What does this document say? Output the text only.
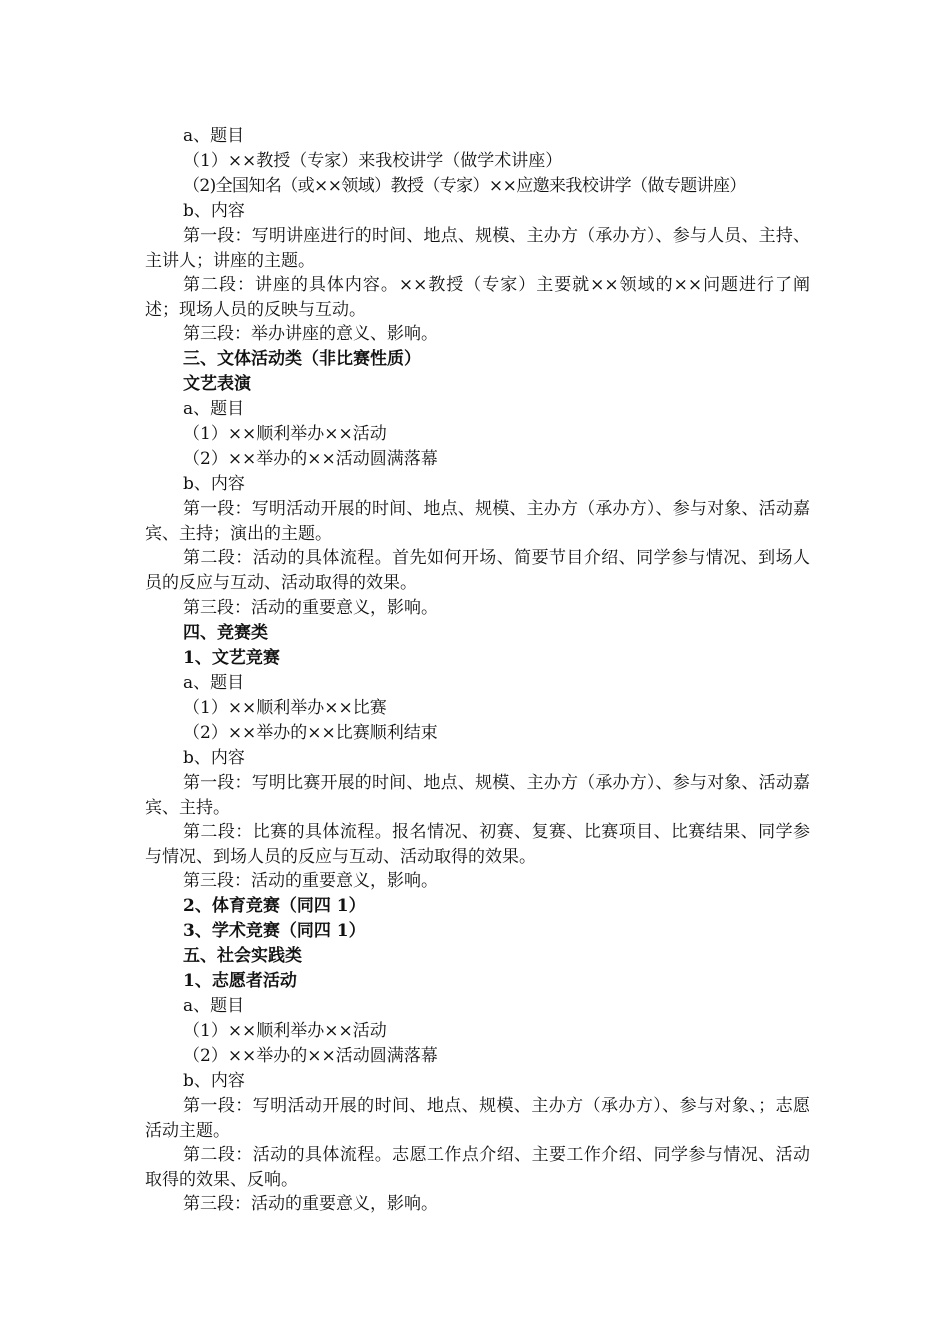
a、题目
（1）××教授（专家）来我校讲学（做学术讲座）
（2)全国知名（或××领域）教授（专家）××应邀来我校讲学（做专题讲座）
b、内容
第一段：写明讲座进行的时间、地点、规模、主办方（承办方）、参与人员、主持、主讲人；讲座的主题。
第二段：讲座的具体内容。××教授（专家）主要就××领域的××问题进行了阐述；现场人员的反映与互动。
第三段：举办讲座的意义、影响。
三、文体活动类（非比赛性质）
文艺表演
a、题目
（1）××顺利举办××活动
（2）××举办的××活动圆满落幕
b、内容
第一段：写明活动开展的时间、地点、规模、主办方（承办方）、参与对象、活动嘉宾、主持；演出的主题。
第二段：活动的具体流程。首先如何开场、简要节目介绍、同学参与情况、到场人员的反应与互动、活动取得的效果。
第三段：活动的重要意义，影响。
四、竞赛类
1、文艺竞赛
a、题目
（1）××顺利举办××比赛
（2）××举办的××比赛顺利结束
b、内容
第一段：写明比赛开展的时间、地点、规模、主办方（承办方）、参与对象、活动嘉宾、主持。
第二段：比赛的具体流程。报名情况、初赛、复赛、比赛项目、比赛结果、同学参与情况、到场人员的反应与互动、活动取得的效果。
第三段：活动的重要意义，影响。
2、体育竞赛（同四 1）
3、学术竞赛（同四 1）
五、社会实践类
1、志愿者活动
a、题目
（1）××顺利举办××活动
（2）××举办的××活动圆满落幕
b、内容
第一段：写明活动开展的时间、地点、规模、主办方（承办方）、参与对象、；志愿活动主题。
第二段：活动的具体流程。志愿工作点介绍、主要工作介绍、同学参与情况、活动取得的效果、反响。
第三段：活动的重要意义，影响。
